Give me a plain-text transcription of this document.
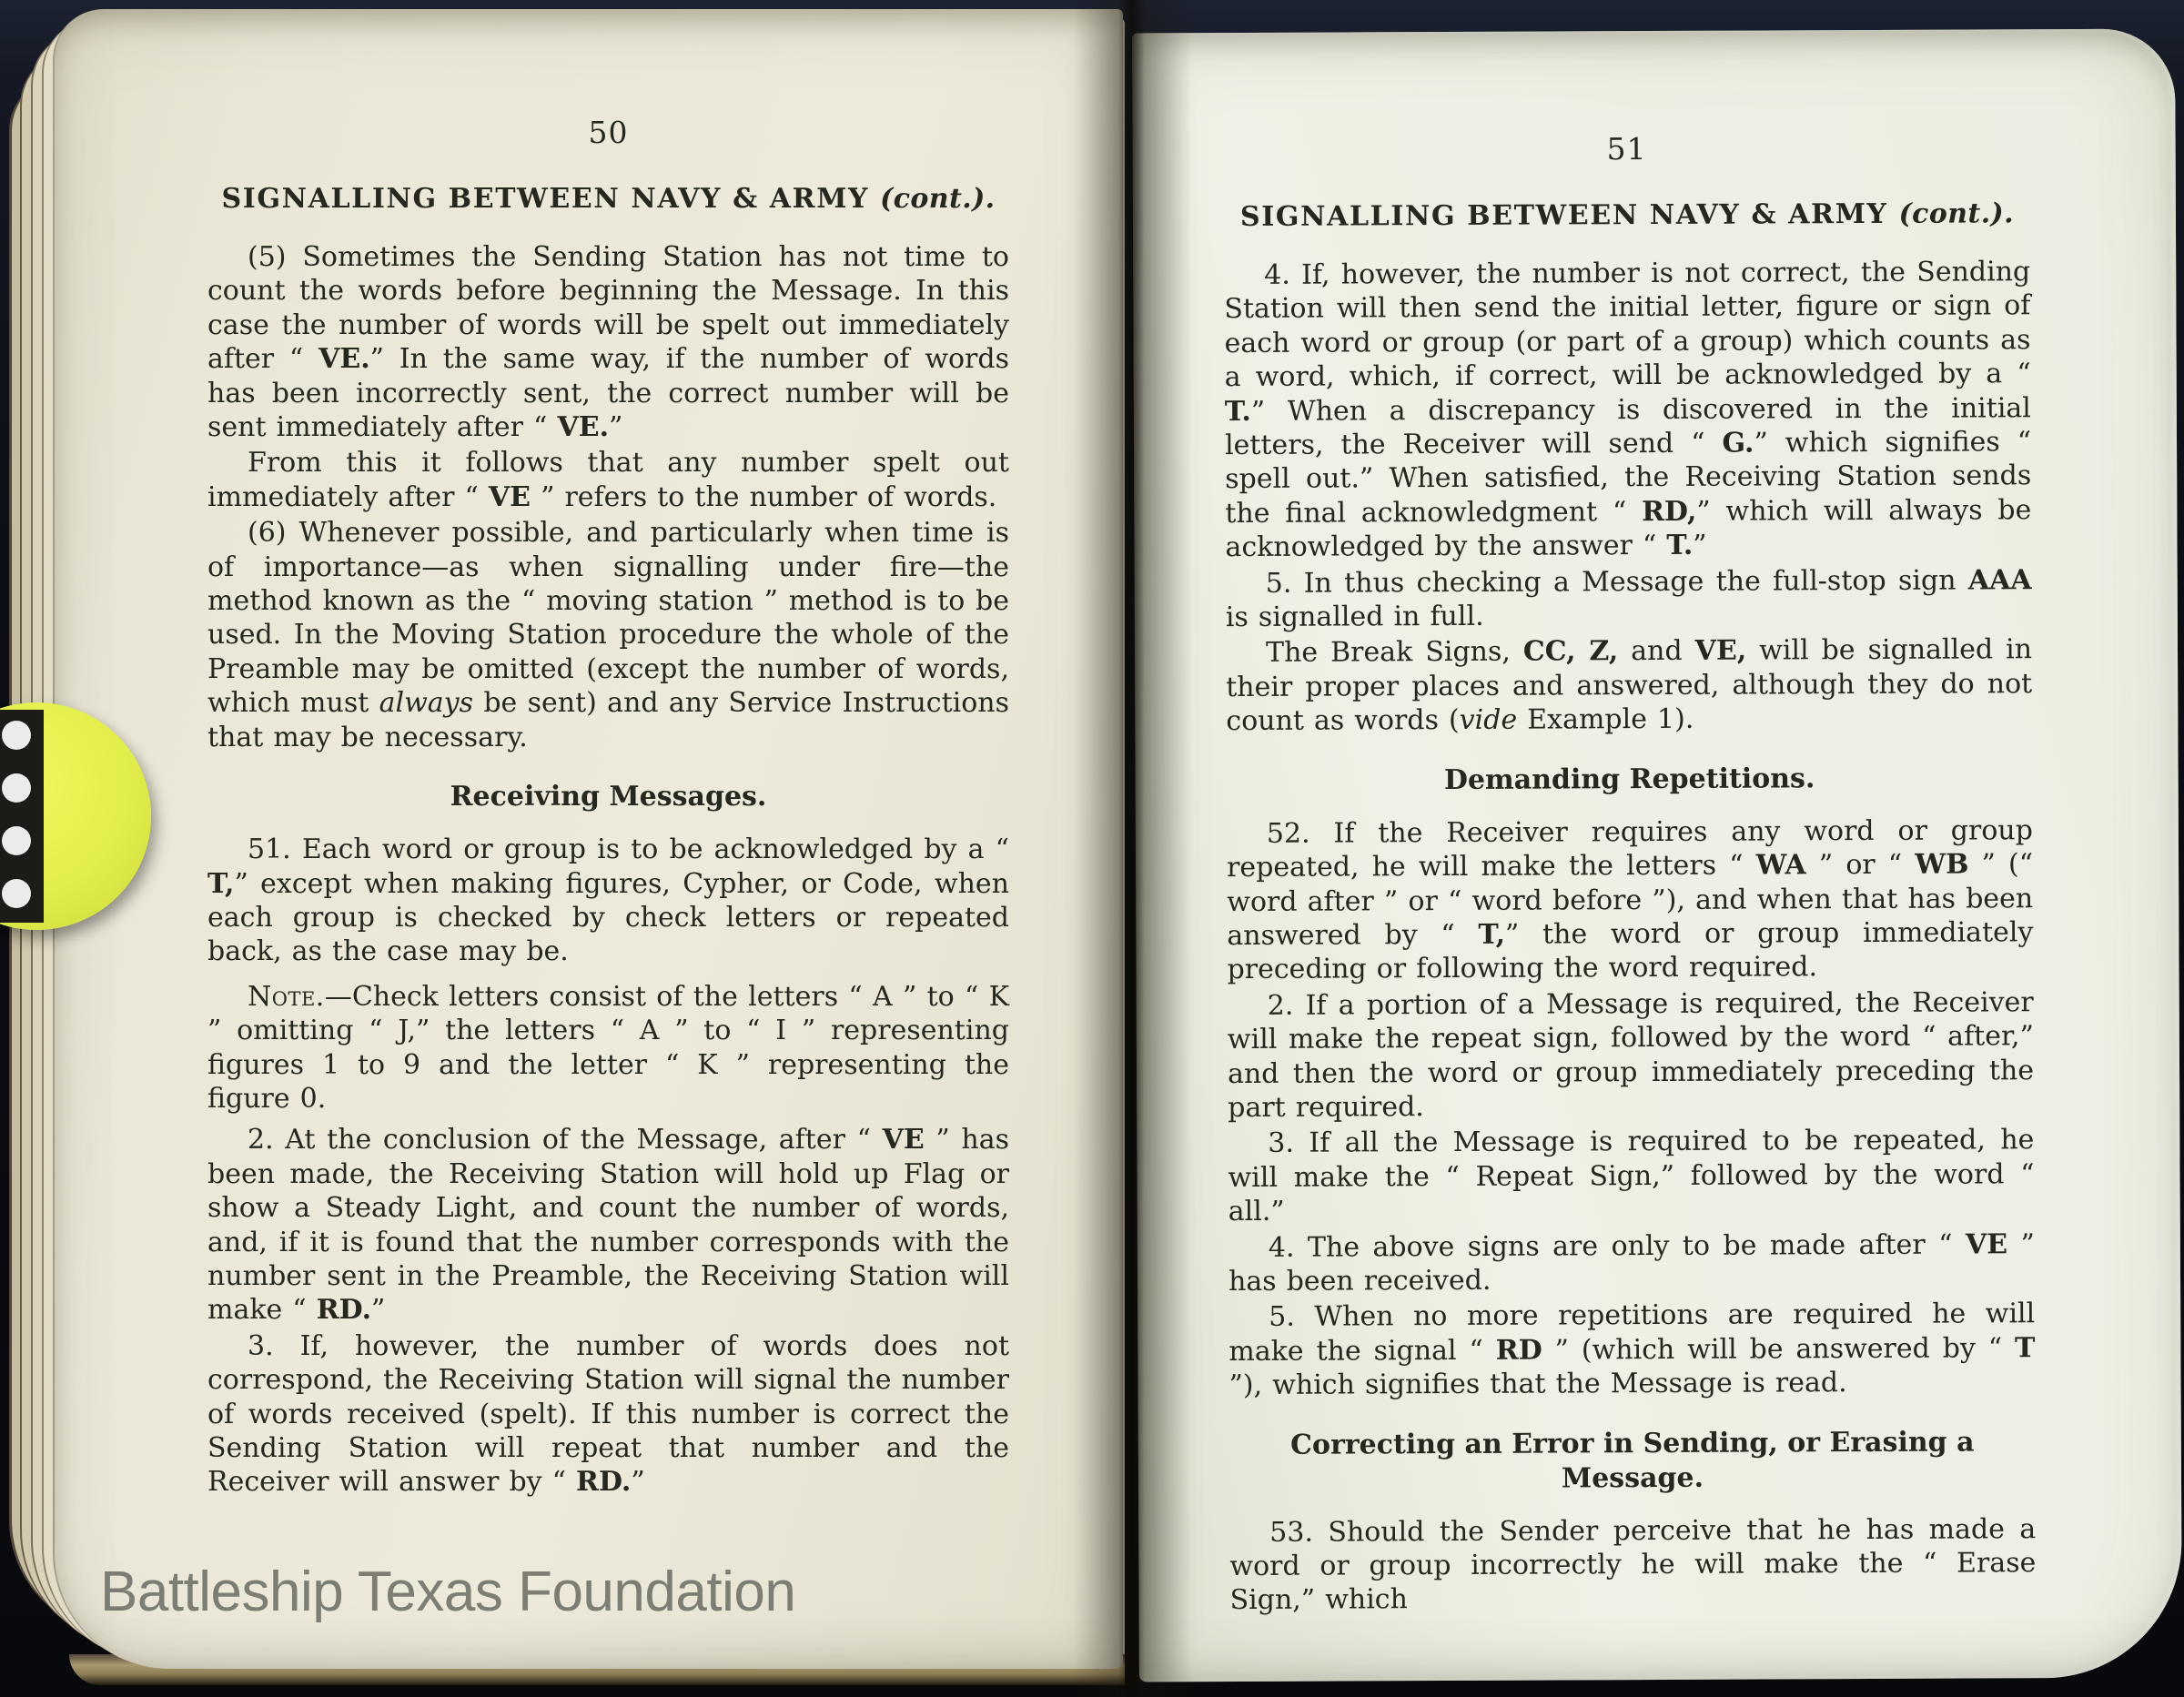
50
SIGNALLING BETWEEN NAVY & ARMY (cont.).

(5) Sometimes the Sending Station has not time to count the words before beginning the Message. In this case the number of words will be spelt out immediately after “ VE.” In the same way, if the number of words has been incorrectly sent, the correct number will be sent immediately after “ VE.”

From this it follows that any number spelt out immediately after “ VE ” refers to the number of words.

(6) Whenever possible, and particularly when time is of importance—as when signalling under fire—the method known as the “ moving station ” method is to be used. In the Moving Station procedure the whole of the Preamble may be omitted (except the number of words, which must always be sent) and any Service Instructions that may be necessary.

Receiving Messages.

51. Each word or group is to be acknowledged by a “ T,” except when making figures, Cypher, or Code, when each group is checked by check letters or repeated back, as the case may be.

Note.—Check letters consist of the letters “ A ” to “ K ” omitting “ J,” the letters “ A ” to “ I ” representing figures 1 to 9 and the letter “ K ” representing the figure 0.

2. At the conclusion of the Message, after “ VE ” has been made, the Receiving Station will hold up Flag or show a Steady Light, and count the number of words, and, if it is found that the number corresponds with the number sent in the Preamble, the Receiving Station will make “ RD.”

3. If, however, the number of words does not correspond, the Receiving Station will signal the number of words received (spelt). If this number is correct the Sending Station will repeat that number and the Receiver will answer by “ RD.”

51
SIGNALLING BETWEEN NAVY & ARMY (cont.).

4. If, however, the number is not correct, the Sending Station will then send the initial letter, figure or sign of each word or group (or part of a group) which counts as a word, which, if correct, will be acknowledged by a “ T.” When a discrepancy is discovered in the initial letters, the Receiver will send “ G.” which signifies “ spell out.” When satisfied, the Receiving Station sends the final acknowledgment “ RD,” which will always be acknowledged by the answer “ T.”

5. In thus checking a Message the full-stop sign AAA is signalled in full.

The Break Signs, CC, Z, and VE, will be signalled in their proper places and answered, although they do not count as words (vide Example 1).

Demanding Repetitions.

52. If the Receiver requires any word or group repeated, he will make the letters “ WA ” or “ WB ” (“ word after ” or “ word before ”), and when that has been answered by “ T,” the word or group immediately preceding or following the word required.

2. If a portion of a Message is required, the Receiver will make the repeat sign, followed by the word “ after,” and then the word or group immediately preceding the part required.

3. If all the Message is required to be repeated, he will make the “ Repeat Sign,” followed by the word “ all.”

4. The above signs are only to be made after “ VE ” has been received.

5. When no more repetitions are required he will make the signal “ RD ” (which will be answered by “ T ”), which signifies that the Message is read.

Correcting an Error in Sending, or Erasing a Message.

53. Should the Sender perceive that he has made a word or group incorrectly he will make the “ Erase Sign,” which

Battleship Texas Foundation
